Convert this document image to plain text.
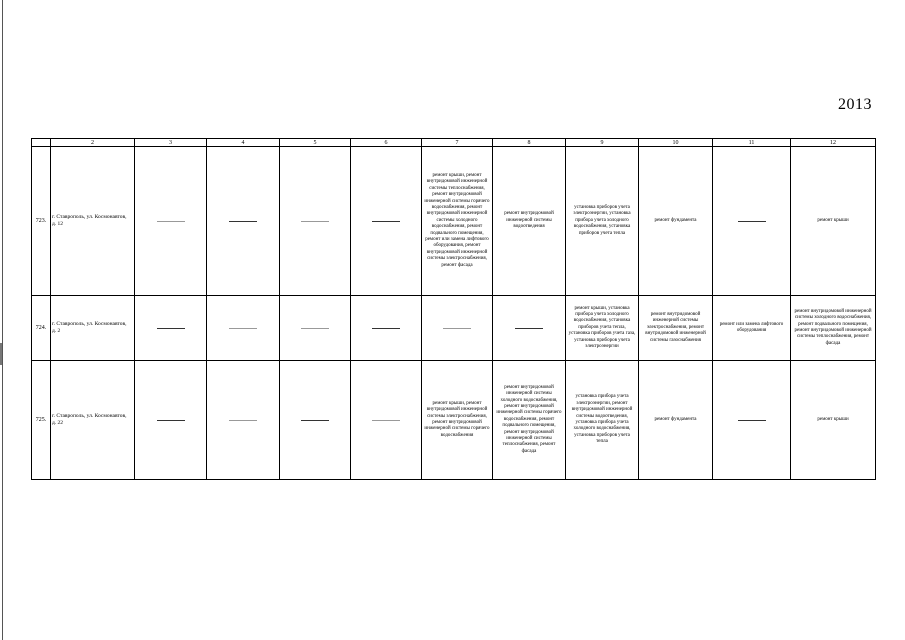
2013
	2	3	4	5	6	7	8	9	10	11	12
723.	г. Ставрополь, ул. Космонавтов, д. 12					ремонт крыши, ремонт внутридомовой инженерной системы теплоснабжения, ремонт внутридомовой инженерной системы горячего водоснабжения, ремонт внутридомовой инженерной системы холодного водоснабжения, ремонт подвального помещения, ремонт или замена лифтового оборудования, ремонт внутридомовой инженерной системы электроснабжения, ремонт фасада	ремонт внутридомовой инженерной системы водоотведения	установка приборов учета электроэнергии, установка прибора учета холодного водоснабжения, установка приборов учета тепла	ремонт фундамента		ремонт крыши

724.	г. Ставрополь, ул. Космонавтов, д. 2							ремонт крыши, установка прибора учета холодного водоснабжения, установка приборов учета тепла, установка приборов учета газа, установка приборов учета электроэнергии	ремонт внутридомовой инженерной системы электроснабжения, ремонт внутридомовой инженерной системы газоснабжения	ремонт или замена лифтового оборудования	ремонт внутридомовой инженерной системы холодного водоснабжения, ремонт подвального помещения, ремонт внутридомовой инженерной системы теплоснабжения, ремонт фасада

725.	г. Ставрополь, ул. Космонавтов, д. 22					ремонт крыши, ремонт внутридомовой инженерной системы электроснабжения, ремонт внутридомовой инженерной системы горячего водоснабжения	ремонт внутридомовой инженерной системы холодного водоснабжения, ремонт внутридомовой инженерной системы горячего водоснабжения, ремонт подвального помещения, ремонт внутридомовой инженерной системы теплоснабжения, ремонт фасада	установка прибора учета электроэнергии, ремонт внутридомовой инженерной системы водоотведения, установка прибора учета холодного водоснабжения, установка приборов учета тепла	ремонт фундамента		ремонт крыши
